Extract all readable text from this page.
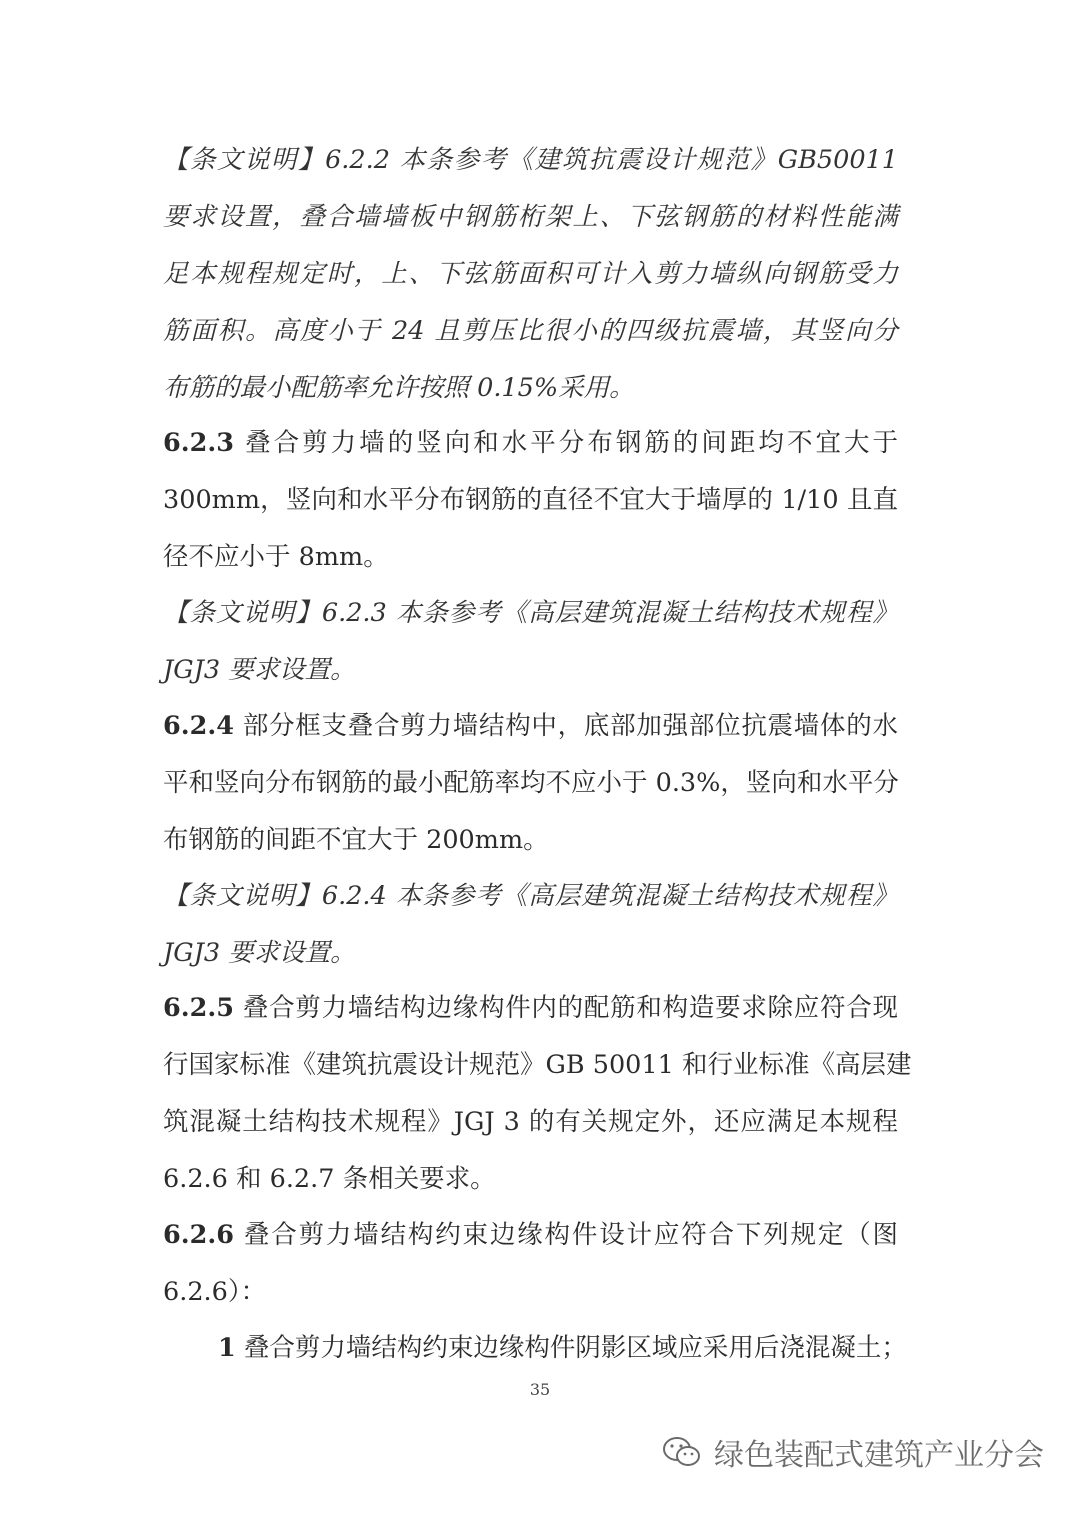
【条文说明】6.2.2 本条参考《建筑抗震设计规范》GB50011
要求设置，叠合墙墙板中钢筋桁架上、下弦钢筋的材料性能满
足本规程规定时，上、下弦筋面积可计入剪力墙纵向钢筋受力
筋面积。高度小于 24 且剪压比很小的四级抗震墙，其竖向分
布筋的最小配筋率允许按照 0.15%采用。
6.2.3 叠合剪力墙的竖向和水平分布钢筋的间距均不宜大于
300mm，竖向和水平分布钢筋的直径不宜大于墙厚的 1/10 且直
径不应小于 8mm。
【条文说明】6.2.3 本条参考《高层建筑混凝土结构技术规程》
JGJ3 要求设置。
6.2.4 部分框支叠合剪力墙结构中，底部加强部位抗震墙体的水
平和竖向分布钢筋的最小配筋率均不应小于 0.3%，竖向和水平分
布钢筋的间距不宜大于 200mm。
【条文说明】6.2.4 本条参考《高层建筑混凝土结构技术规程》
JGJ3 要求设置。
6.2.5 叠合剪力墙结构边缘构件内的配筋和构造要求除应符合现
行国家标准《建筑抗震设计规范》GB 50011 和行业标准《高层建
筑混凝土结构技术规程》JGJ 3 的有关规定外，还应满足本规程
6.2.6 和 6.2.7 条相关要求。
6.2.6 叠合剪力墙结构约束边缘构件设计应符合下列规定（图
6.2.6）：
1 叠合剪力墙结构约束边缘构件阴影区域应采用后浇混凝土；
35
绿色装配式建筑产业分会
